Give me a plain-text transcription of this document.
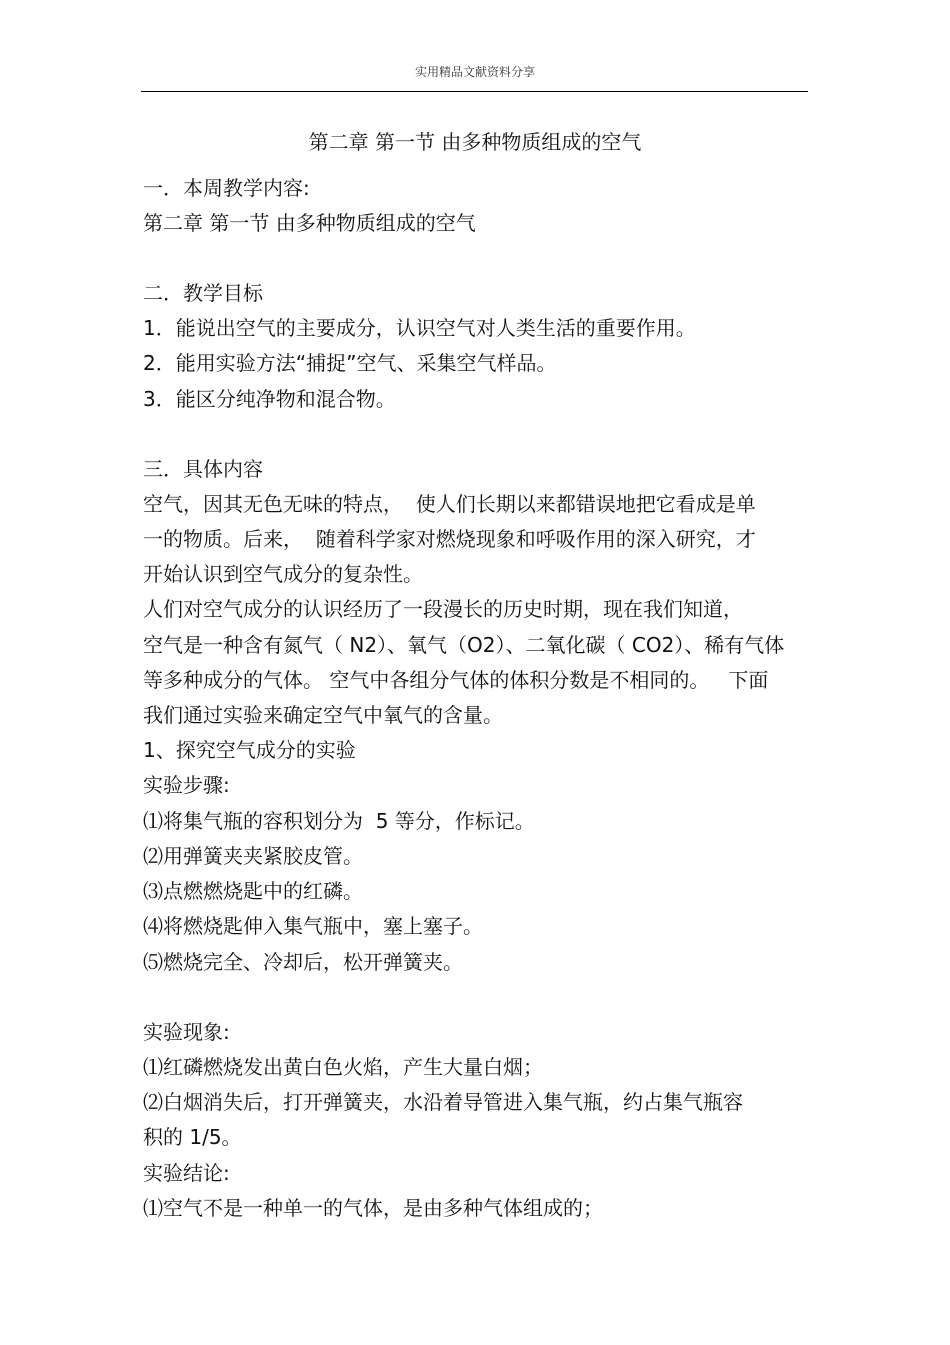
实用精品文献资料分享
第二章 第一节 由多种物质组成的空气
一．本周教学内容:
第二章 第一节 由多种物质组成的空气
二．教学目标
1．能说出空气的主要成分，认识空气对人类生活的重要作用。
2．能用实验方法“捕捉”空气、采集空气样品。
3．能区分纯净物和混合物。
三．具体内容
空气，因其无色无味的特点，  使人们长期以来都错误地把它看成是单
一的物质。后来，  随着科学家对燃烧现象和呼吸作用的深入研究，才
开始认识到空气成分的复杂性。
人们对空气成分的认识经历了一段漫长的历史时期，现在我们知道，
空气是一种含有氮气（ N2）、氧气（O2）、二氧化碳（ CO2）、稀有气体
等多种成分的气体。 空气中各组分气体的体积分数是不相同的。   下面
我们通过实验来确定空气中氧气的含量。
1、探究空气成分的实验
实验步骤:
⑴将集气瓶的容积划分为  5 等分，作标记。
⑵用弹簧夹夹紧胶皮管。
⑶点燃燃烧匙中的红磷。
⑷将燃烧匙伸入集气瓶中，塞上塞子。
⑸燃烧完全、冷却后，松开弹簧夹。
实验现象:
⑴红磷燃烧发出黄白色火焰，产生大量白烟；
⑵白烟消失后，打开弹簧夹，水沿着导管进入集气瓶，约占集气瓶容
积的 1/5。
实验结论:
⑴空气不是一种单一的气体，是由多种气体组成的；
